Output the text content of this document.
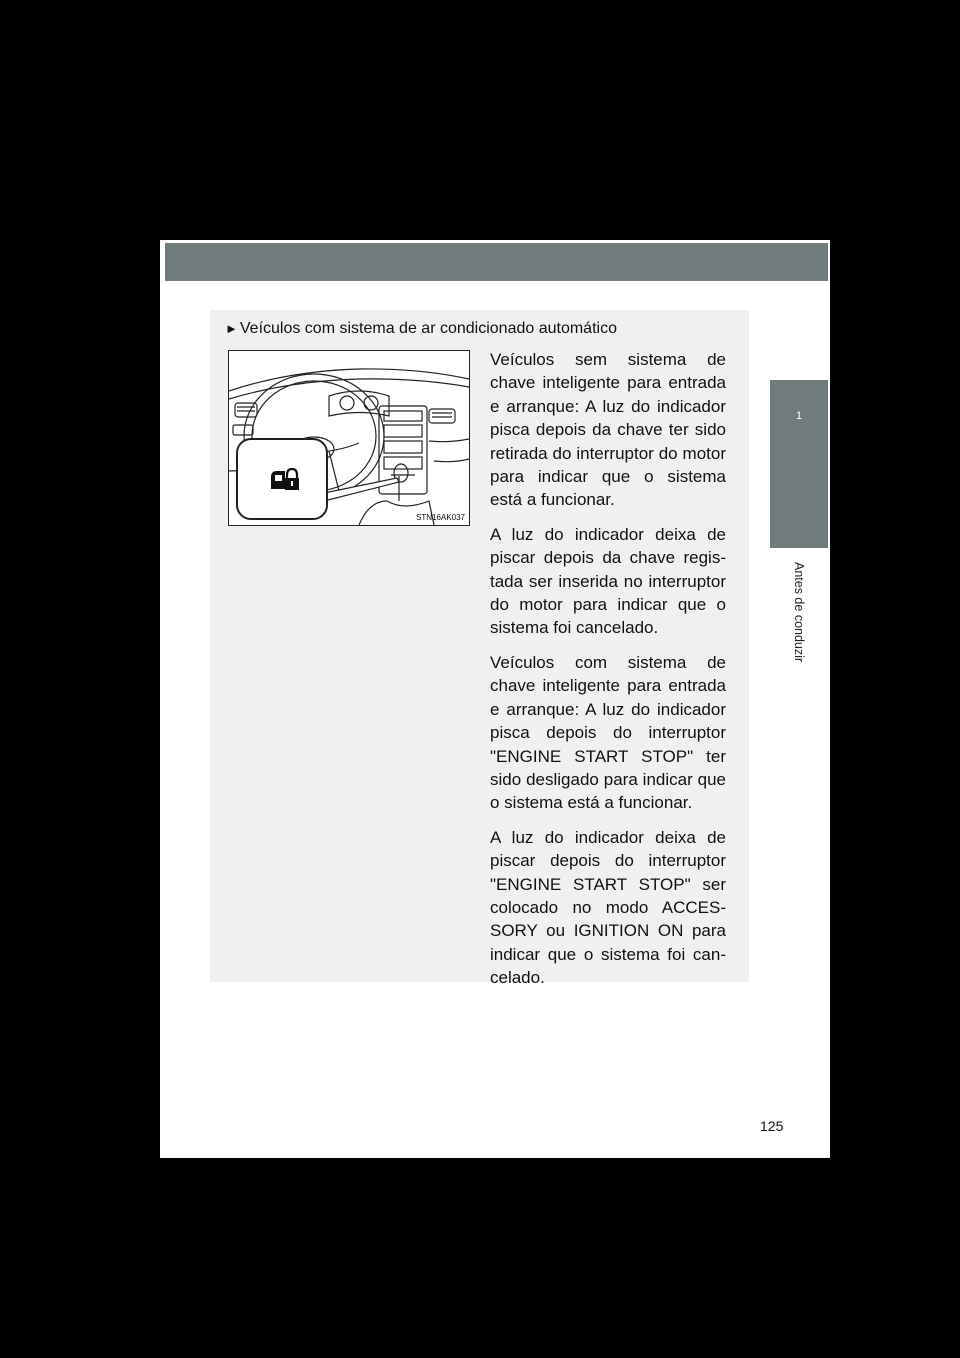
1
Antes de conduzir
► Veículos com sistema de ar condicionado automático
STN16AK037

Veículos sem sistema de chave inteligente para entrada e arranque: A luz do indicador pisca depois da chave ter sido retirada do interruptor do motor para indicar que o sistema está a funcionar.

A luz do indicador deixa de piscar depois da chave registada ser inserida no interruptor do motor para indicar que o sistema foi cancelado.

Veículos com sistema de chave inteligente para entrada e arranque: A luz do indicador pisca depois do interruptor "ENGINE START STOP" ter sido desligado para indicar que o sistema está a funcionar.

A luz do indicador deixa de piscar depois do interruptor "ENGINE START STOP" ser colocado no modo ACCESSORY ou IGNITION ON para indicar que o sistema foi cancelado.

125
